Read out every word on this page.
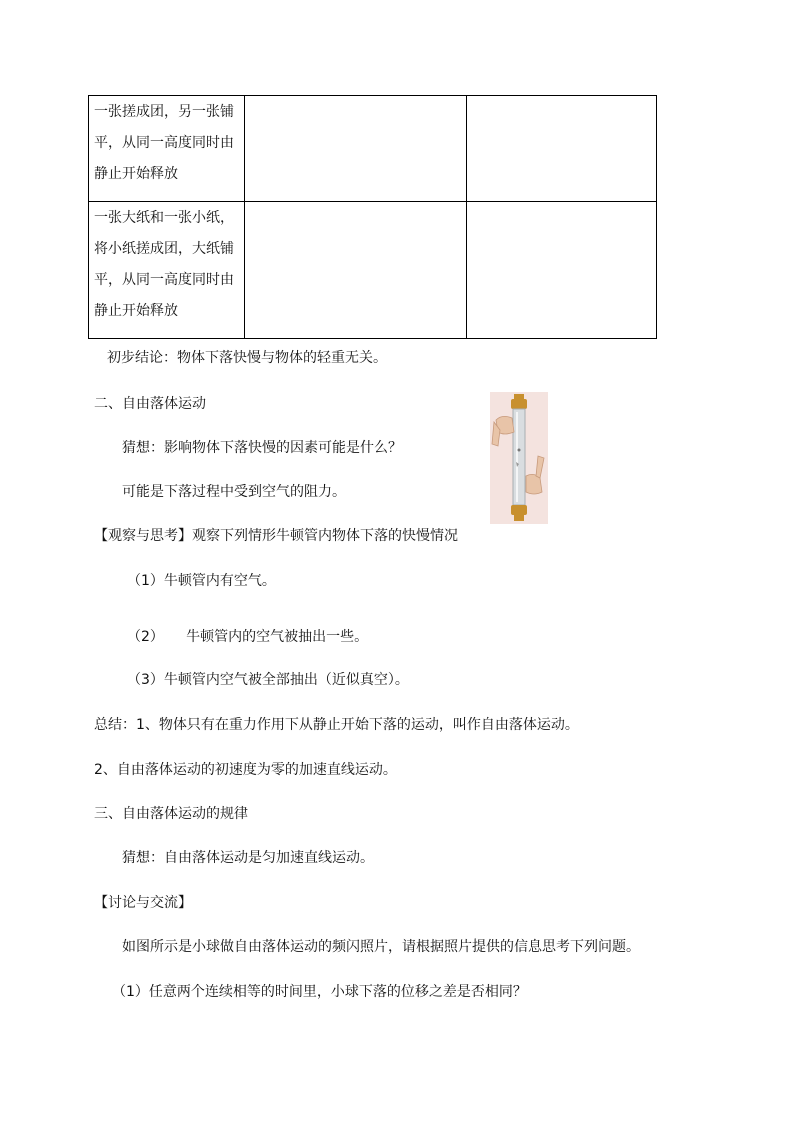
一张搓成团，另一张铺
平，从同一高度同时由
静止开始释放		

一张大纸和一张小纸，
将小纸搓成团，大纸铺
平，从同一高度同时由
静止开始释放		

初步结论：物体下落快慢与物体的轻重无关。

二、自由落体运动

猜想：影响物体下落快慢的因素可能是什么？

可能是下落过程中受到空气的阻力。

【观察与思考】观察下列情形牛顿管内物体下落的快慢情况

（1）牛顿管内有空气。

（2）     牛顿管内的空气被抽出一些。

（3）牛顿管内空气被全部抽出（近似真空）。

总结：1、物体只有在重力作用下从静止开始下落的运动，叫作自由落体运动。

2、自由落体运动的初速度为零的加速直线运动。

三、自由落体运动的规律

猜想：自由落体运动是匀加速直线运动。

【讨论与交流】

如图所示是小球做自由落体运动的频闪照片，请根据照片提供的信息思考下列问题。

（1）任意两个连续相等的时间里，小球下落的位移之差是否相同？
